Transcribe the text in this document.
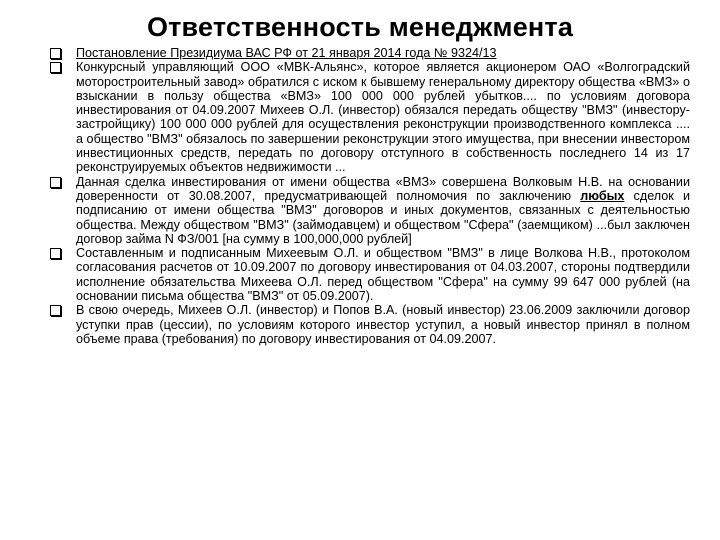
Ответственность менеджмента
Постановление Президиума ВАС РФ от 21 января 2014 года № 9324/13
Конкурсный управляющий ООО «МВК-Альянс», которое является акционером ОАО «Волгоградский моторостроительный завод» обратился с иском к бывшему генеральному директору общества «ВМЗ» о взыскании в пользу общества «ВМЗ» 100 000 000 рублей убытков.... по условиям договора инвестирования от 04.09.2007 Михеев О.Л. (инвестор) обязался передать обществу "ВМЗ" (инвестору-застройщику) 100 000 000 рублей для осуществления реконструкции производственного комплекса .... а общество "ВМЗ" обязалось по завершении реконструкции этого имущества, при внесении инвестором инвестиционных средств, передать по договору отступного в собственность последнего 14 из 17 реконструируемых объектов недвижимости ...
Данная сделка инвестирования от имени общества «ВМЗ» совершена Волковым Н.В. на основании доверенности от 30.08.2007, предусматривающей полномочия по заключению любых сделок и подписанию от имени общества "ВМЗ" договоров и иных документов, связанных с деятельностью общества. Между обществом "ВМЗ" (займодавцем) и обществом "Сфера" (заемщиком) ...был заключен договор займа N ФЗ/001 [на сумму в 100,000,000 рублей]
Составленным и подписанным Михеевым О.Л. и обществом "ВМЗ" в лице Волкова Н.В., протоколом согласования расчетов от 10.09.2007 по договору инвестирования от 04.03.2007, стороны подтвердили исполнение обязательства Михеева О.Л. перед обществом "Сфера" на сумму 99 647 000 рублей (на основании письма общества "ВМЗ" от 05.09.2007).
В свою очередь, Михеев О.Л. (инвестор) и Попов В.А. (новый инвестор) 23.06.2009 заключили договор уступки прав (цессии), по условиям которого инвестор уступил, а новый инвестор принял в полном объеме права (требования) по договору инвестирования от 04.09.2007.
